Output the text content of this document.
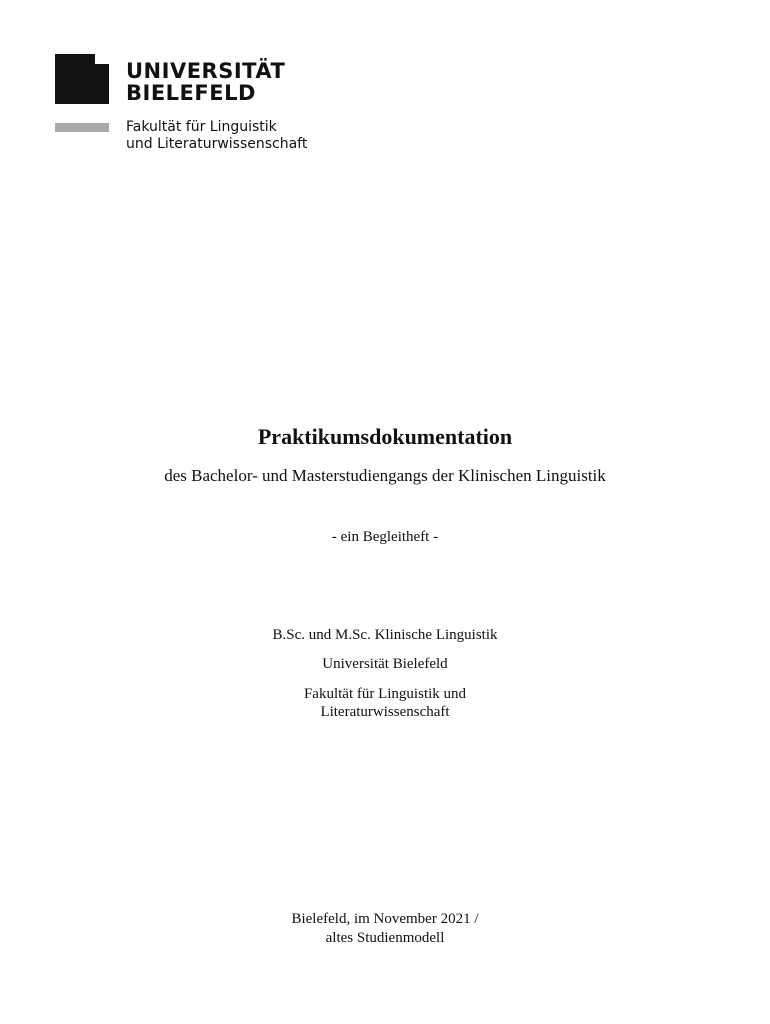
UNIVERSITÄT
BIELEFELD
Fakultät für Linguistik
und Literaturwissenschaft
Praktikumsdokumentation
des Bachelor- und Masterstudiengangs der Klinischen Linguistik
- ein Begleitheft -
B.Sc. und M.Sc. Klinische Linguistik
Universität Bielefeld
Fakultät für Linguistik und
Literaturwissenschaft
Bielefeld, im November 2021 /
altes Studienmodell
